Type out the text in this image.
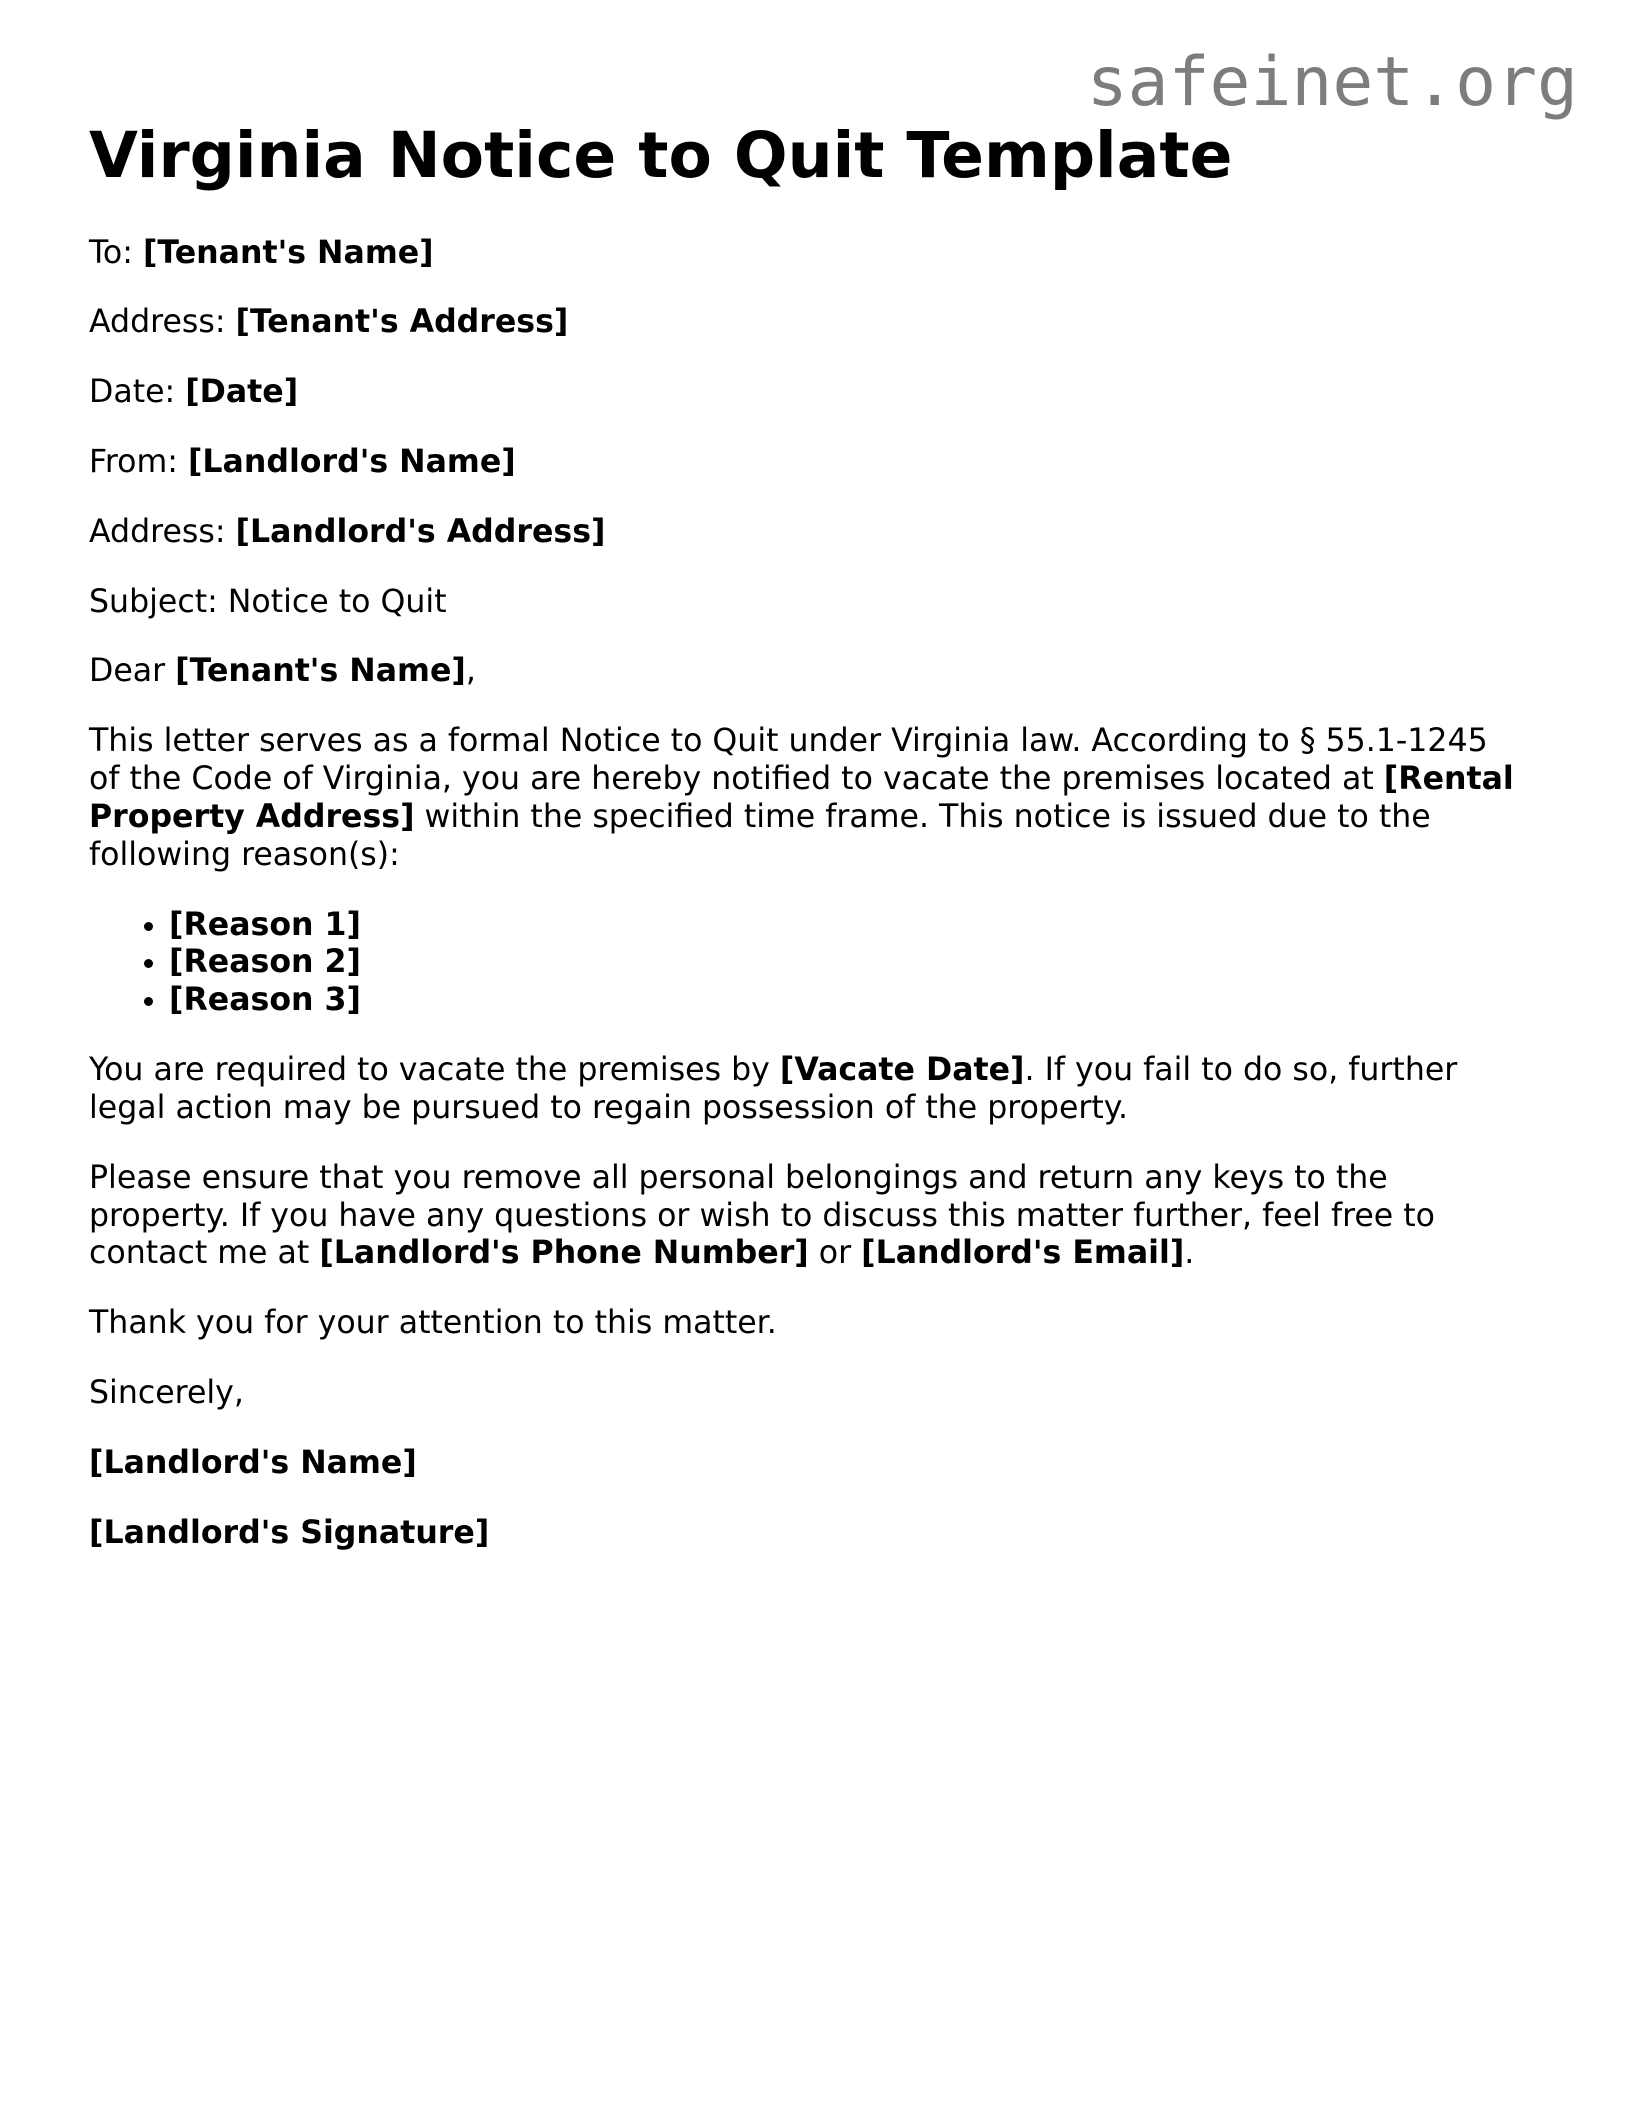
safeinet.org
Virginia Notice to Quit Template

To: [Tenant's Name]

Address: [Tenant's Address]

Date: [Date]

From: [Landlord's Name]

Address: [Landlord's Address]

Subject: Notice to Quit

Dear [Tenant's Name],

This letter serves as a formal Notice to Quit under Virginia law. According to § 55.1-1245
of the Code of Virginia, you are hereby notified to vacate the premises located at [Rental Property Address] within the specified time frame. This notice is issued due to the
following reason(s):

• [Reason 1]
• [Reason 2]
• [Reason 3]

You are required to vacate the premises by [Vacate Date]. If you fail to do so, further
legal action may be pursued to regain possession of the property.

Please ensure that you remove all personal belongings and return any keys to the
property. If you have any questions or wish to discuss this matter further, feel free to
contact me at [Landlord's Phone Number] or [Landlord's Email].

Thank you for your attention to this matter.

Sincerely,

[Landlord's Name]

[Landlord's Signature]
